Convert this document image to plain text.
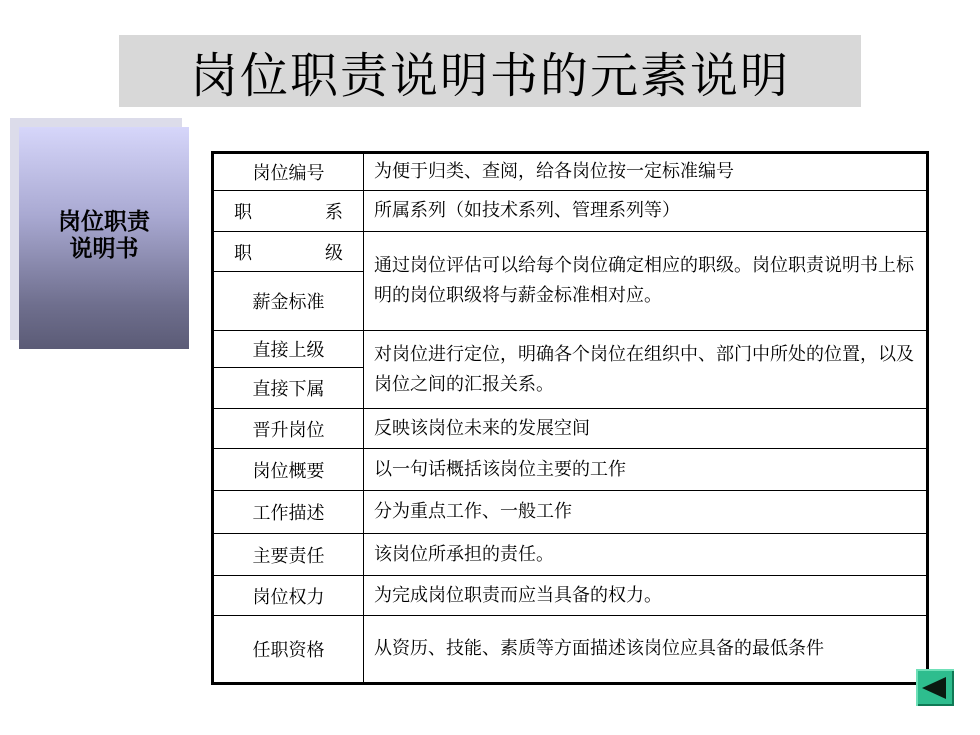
岗位职责说明书的元素说明
岗位职责
说明书
岗位编号	为便于归类、查阅，给各岗位按一定标准编号
职　　系	所属系列（如技术系列、管理系列等）
职　　级	通过岗位评估可以给每个岗位确定相应的职级。岗位职责说明书上标明的岗位职级将与薪金标准相对应。
薪金标准	
直接上级	对岗位进行定位，明确各个岗位在组织中、部门中所处的位置，以及岗位之间的汇报关系。
直接下属	
晋升岗位	反映该岗位未来的发展空间
岗位概要	以一句话概括该岗位主要的工作
工作描述	分为重点工作、一般工作
主要责任	该岗位所承担的责任。
岗位权力	为完成岗位职责而应当具备的权力。
任职资格	从资历、技能、素质等方面描述该岗位应具备的最低条件
